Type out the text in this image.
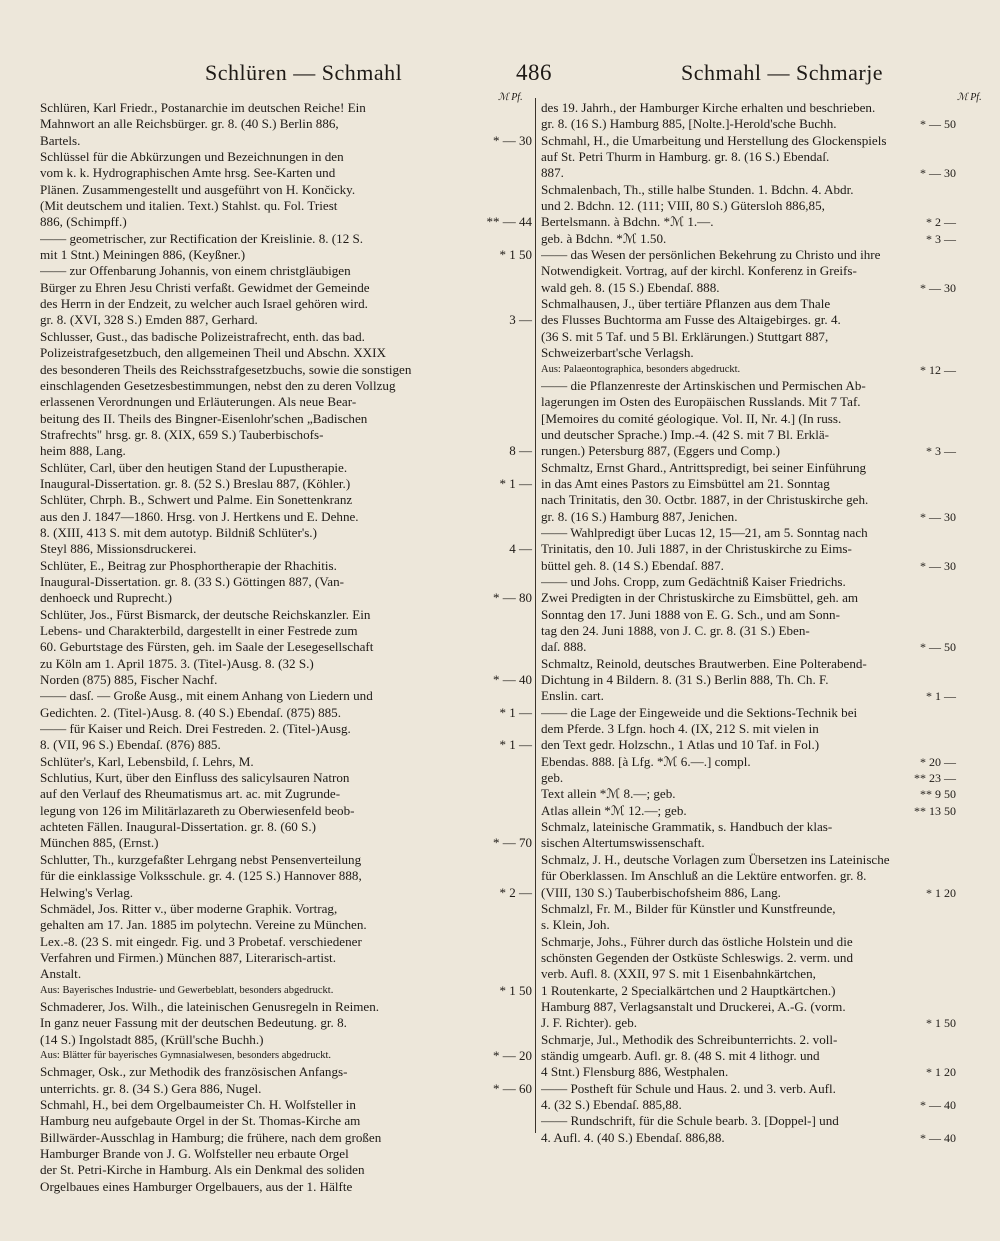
Schlüren — Schmahl	486	Schmahl — Schmarje
ℳ Pf.	ℳ Pf.
Schlüren, Karl Friedr., Postanarchie im deutschen Reiche! Ein
Mahnwort an alle Reichsbürger. gr. 8. (40 S.) Berlin 886,
Bartels.	* — 30
Schlüssel für die Abkürzungen und Bezeichnungen in den
vom k. k. Hydrographischen Amte hrsg. See-Karten und
Plänen. Zusammengestellt und ausgeführt von H. Končicky.
(Mit deutschem und italien. Text.) Stahlst. qu. Fol. Triest
886, (Schimpff.)	** — 44
—— geometrischer, zur Rectification der Kreislinie. 8. (12 S.
mit 1 Stnt.) Meiningen 886, (Keyßner.)	* 1 50
—— zur Offenbarung Johannis, von einem christgläubigen
Bürger zu Ehren Jesu Christi verfaßt. Gewidmet der Gemeinde
des Herrn in der Endzeit, zu welcher auch Israel gehören wird.
gr. 8. (XVI, 328 S.) Emden 887, Gerhard.	3 —
Schlusser, Gust., das badische Polizeistrafrecht, enth. das bad.
Polizeistrafgesetzbuch, den allgemeinen Theil und Abschn. XXIX
des besonderen Theils des Reichsstrafgesetzbuchs, sowie die sonstigen
einschlagenden Gesetzesbestimmungen, nebst den zu deren Vollzug
erlassenen Verordnungen und Erläuterungen. Als neue Bear-
beitung des II. Theils des Bingner-Eisenlohr'schen „Badischen
Strafrechts" hrsg. gr. 8. (XIX, 659 S.) Tauberbischofs-
heim 888, Lang.	8 —
Schlüter, Carl, über den heutigen Stand der Lupustherapie.
Inaugural-Dissertation. gr. 8. (52 S.) Breslau 887, (Köhler.)	* 1 —
Schlüter, Chrph. B., Schwert und Palme. Ein Sonettenkranz
aus den J. 1847—1860. Hrsg. von J. Hertkens und E. Dehne.
8. (XIII, 413 S. mit dem autotyp. Bildniß Schlüter's.)
Steyl 886, Missionsdruckerei.	4 —
Schlüter, E., Beitrag zur Phosphortherapie der Rhachitis.
Inaugural-Dissertation. gr. 8. (33 S.) Göttingen 887, (Van-
denhoeck und Ruprecht.)	* — 80
Schlüter, Jos., Fürst Bismarck, der deutsche Reichskanzler. Ein
Lebens- und Charakterbild, dargestellt in einer Festrede zum
60. Geburtstage des Fürsten, geh. im Saale der Lesegesellschaft
zu Köln am 1. April 1875. 3. (Titel-)Ausg. 8. (32 S.)
Norden (875) 885, Fischer Nachf.	* — 40
—— dasſ. — Große Ausg., mit einem Anhang von Liedern und
Gedichten. 2. (Titel-)Ausg. 8. (40 S.) Ebendaſ. (875) 885.	* 1 —
—— für Kaiser und Reich. Drei Festreden. 2. (Titel-)Ausg.
8. (VII, 96 S.) Ebendaſ. (876) 885.	* 1 —
Schlüter's, Karl, Lebensbild, ſ. Lehrs, M.
Schlutius, Kurt, über den Einfluss des salicylsauren Natron
auf den Verlauf des Rheumatismus art. ac. mit Zugrunde-
legung von 126 im Militärlazareth zu Oberwiesenfeld beob-
achteten Fällen. Inaugural-Dissertation. gr. 8. (60 S.)
München 885, (Ernst.)	* — 70
Schlutter, Th., kurzgefaßter Lehrgang nebst Pensenverteilung
für die einklassige Volksschule. gr. 4. (125 S.) Hannover 888,
Helwing's Verlag.	* 2 —
Schmädel, Jos. Ritter v., über moderne Graphik. Vortrag,
gehalten am 17. Jan. 1885 im polytechn. Vereine zu München.
Lex.-8. (23 S. mit eingedr. Fig. und 3 Probetaf. verschiedener
Verfahren und Firmen.) München 887, Literarisch-artist.
Anstalt.
Aus: Bayerisches Industrie- und Gewerbeblatt, besonders abgedruckt.	* 1 50
Schmaderer, Jos. Wilh., die lateinischen Genusregeln in Reimen.
In ganz neuer Fassung mit der deutschen Bedeutung. gr. 8.
(14 S.) Ingolstadt 885, (Krüll'sche Buchh.)
Aus: Blätter für bayerisches Gymnasialwesen, besonders abgedruckt.	* — 20
Schmager, Osk., zur Methodik des französischen Anfangs-
unterrichts. gr. 8. (34 S.) Gera 886, Nugel.	* — 60
Schmahl, H., bei dem Orgelbaumeister Ch. H. Wolfsteller in
Hamburg neu aufgebaute Orgel in der St. Thomas-Kirche am
Billwärder-Ausschlag in Hamburg; die frühere, nach dem großen
Hamburger Brande von J. G. Wolfsteller neu erbaute Orgel
der St. Petri-Kirche in Hamburg. Als ein Denkmal des soliden
Orgelbaues eines Hamburger Orgelbauers, aus der 1. Hälfte
des 19. Jahrh., der Hamburger Kirche erhalten und beschrieben.
gr. 8. (16 S.) Hamburg 885, [Nolte.]-Herold'sche Buchh.	* — 50
Schmahl, H., die Umarbeitung und Herstellung des Glockenspiels
auf St. Petri Thurm in Hamburg. gr. 8. (16 S.) Ebendaſ.
887.	* — 30
Schmalenbach, Th., stille halbe Stunden. 1. Bdchn. 4. Abdr.
und 2. Bdchn. 12. (111; VIII, 80 S.) Gütersloh 886,85,
Bertelsmann. à Bdchn. *ℳ 1.—.	* 2 —
geb. à Bdchn. *ℳ 1.50.	* 3 —
—— das Wesen der persönlichen Bekehrung zu Christo und ihre
Notwendigkeit. Vortrag, auf der kirchl. Konferenz in Greifs-
wald geh. 8. (15 S.) Ebendaſ. 888.	* — 30
Schmalhausen, J., über tertiäre Pflanzen aus dem Thale
des Flusses Buchtorma am Fusse des Altaigebirges. gr. 4.
(36 S. mit 5 Taf. und 5 Bl. Erklärungen.) Stuttgart 887,
Schweizerbart'sche Verlagsh.
Aus: Palaeontographica, besonders abgedruckt.	* 12 —
—— die Pflanzenreste der Artinskischen und Permischen Ab-
lagerungen im Osten des Europäischen Russlands. Mit 7 Taf.
[Memoires du comité géologique. Vol. II, Nr. 4.] (In russ.
und deutscher Sprache.) Imp.-4. (42 S. mit 7 Bl. Erklä-
rungen.) Petersburg 887, (Eggers und Comp.)	* 3 —
Schmaltz, Ernst Ghard., Antrittspredigt, bei seiner Einführung
in das Amt eines Pastors zu Eimsbüttel am 21. Sonntag
nach Trinitatis, den 30. Octbr. 1887, in der Christuskirche geh.
gr. 8. (16 S.) Hamburg 887, Jenichen.	* — 30
—— Wahlpredigt über Lucas 12, 15—21, am 5. Sonntag nach
Trinitatis, den 10. Juli 1887, in der Christuskirche zu Eims-
büttel geh. 8. (14 S.) Ebendaſ. 887.	* — 30
—— und Johs. Cropp, zum Gedächtniß Kaiser Friedrichs.
Zwei Predigten in der Christuskirche zu Eimsbüttel, geh. am
Sonntag den 17. Juni 1888 von E. G. Sch., und am Sonn-
tag den 24. Juni 1888, von J. C. gr. 8. (31 S.) Eben-
daſ. 888.	* — 50
Schmaltz, Reinold, deutsches Brautwerben. Eine Polterabend-
Dichtung in 4 Bildern. 8. (31 S.) Berlin 888, Th. Ch. F.
Enslin. cart.	* 1 —
—— die Lage der Eingeweide und die Sektions-Technik bei
dem Pferde. 3 Lfgn. hoch 4. (IX, 212 S. mit vielen in
den Text gedr. Holzschn., 1 Atlas und 10 Taf. in Fol.)
Ebendas. 888. [à Lfg. *ℳ 6.—.] compl.	* 20 —
geb.	** 23 —
Text allein *ℳ 8.—; geb.	** 9 50
Atlas allein *ℳ 12.—; geb.	** 13 50
Schmalz, lateinische Grammatik, s. Handbuch der klas-
sischen Altertumswissenschaft.
Schmalz, J. H., deutsche Vorlagen zum Übersetzen ins Lateinische
für Oberklassen. Im Anschluß an die Lektüre entworfen. gr. 8.
(VIII, 130 S.) Tauberbischofsheim 886, Lang.	* 1 20
Schmalzl, Fr. M., Bilder für Künstler und Kunstfreunde,
s. Klein, Joh.
Schmarje, Johs., Führer durch das östliche Holstein und die
schönsten Gegenden der Ostküste Schleswigs. 2. verm. und
verb. Aufl. 8. (XXII, 97 S. mit 1 Eisenbahnkärtchen,
1 Routenkarte, 2 Specialkärtchen und 2 Hauptkärtchen.)
Hamburg 887, Verlagsanstalt und Druckerei, A.-G. (vorm.
J. F. Richter). geb.	* 1 50
Schmarje, Jul., Methodik des Schreibunterrichts. 2. voll-
ständig umgearb. Aufl. gr. 8. (48 S. mit 4 lithogr. und
4 Stnt.) Flensburg 886, Westphalen.	* 1 20
—— Postheft für Schule und Haus. 2. und 3. verb. Aufl.
4. (32 S.) Ebendaſ. 885,88.	* — 40
—— Rundschrift, für die Schule bearb. 3. [Doppel-] und
4. Aufl. 4. (40 S.) Ebendaſ. 886,88.	* — 40
